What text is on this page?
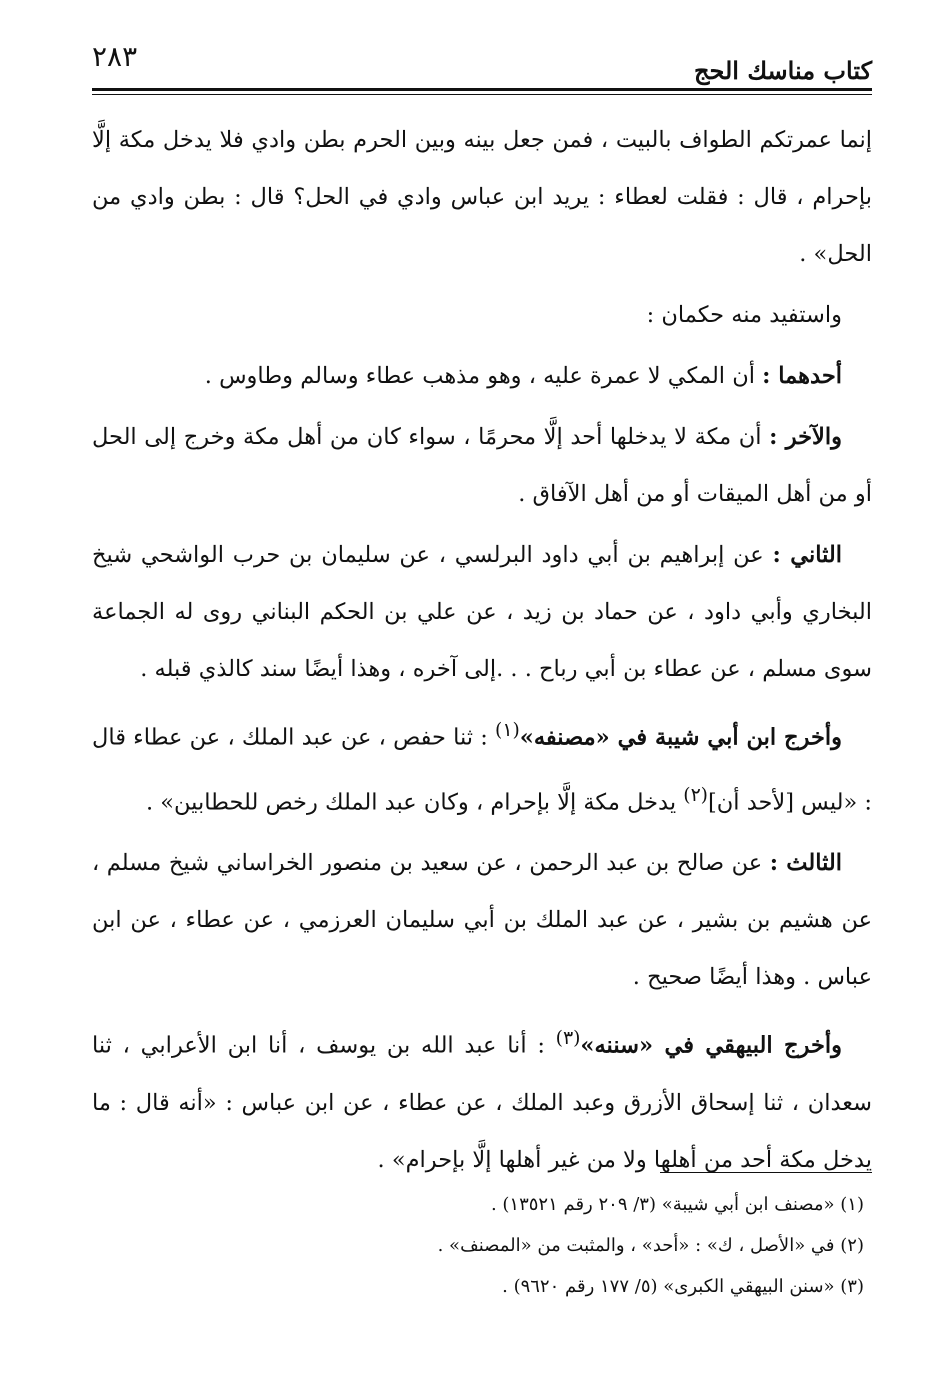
٢٨٣	كتاب مناسك الحج

إنما عمرتكم الطواف بالبيت ، فمن جعل بينه وبين الحرم بطن وادي فلا يدخل مكة إلَّا بإحرام ، قال : فقلت لعطاء : يريد ابن عباس وادي في الحل؟ قال : بطن وادي من الحل» .

واستفيد منه حكمان :

أحدهما : أن المكي لا عمرة عليه ، وهو مذهب عطاء وسالم وطاوس .

والآخر : أن مكة لا يدخلها أحد إلَّا محرمًا ، سواء كان من أهل مكة وخرج إلى الحل أو من أهل الميقات أو من أهل الآفاق .

الثاني : عن إبراهيم بن أبي داود البرلسي ، عن سليمان بن حرب الواشحي شيخ البخاري وأبي داود ، عن حماد بن زيد ، عن علي بن الحكم البناني روى له الجماعة سوى مسلم ، عن عطاء بن أبي رباح . . .إلى آخره ، وهذا أيضًا سند كالذي قبله .

وأخرج ابن أبي شيبة في «مصنفه»$^{(١)}$ : ثنا حفص ، عن عبد الملك ، عن عطاء قال : «ليس [لأحد أن]$^{(٢)}$ يدخل مكة إلَّا بإحرام ، وكان عبد الملك رخص للحطابين» .

الثالث : عن صالح بن عبد الرحمن ، عن سعيد بن منصور الخراساني شيخ مسلم ، عن هشيم بن بشير ، عن عبد الملك بن أبي سليمان العرزمي ، عن عطاء ، عن ابن عباس . وهذا أيضًا صحيح .

وأخرج البيهقي في «سننه»$^{(٣)}$ : أنا عبد الله بن يوسف ، أنا ابن الأعرابي ، ثنا سعدان ، ثنا إسحاق الأزرق وعبد الملك ، عن عطاء ، عن ابن عباس : «أنه قال : ما يدخل مكة أحد من أهلها ولا من غير أهلها إلَّا بإحرام» .

(١) «مصنف ابن أبي شيبة» (٣/ ٢٠٩ رقم ١٣٥٢١) .
(٢) في «الأصل ، ك» : «أحد» ، والمثبت من «المصنف» .
(٣) «سنن البيهقي الكبرى» (٥/ ١٧٧ رقم ٩٦٢٠) .
